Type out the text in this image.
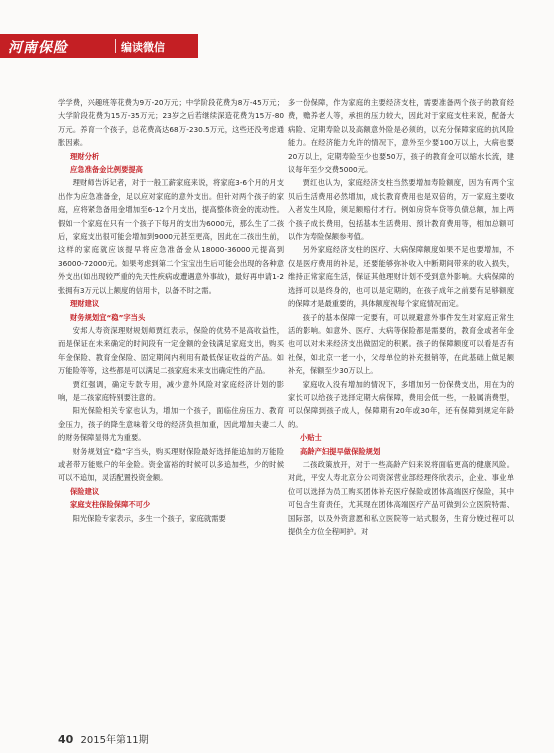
河南保险	编读微信

学学费，兴趣班等花费为9万-20万元；中学阶段花费为8万-45万元；大学阶段花费为15万-35万元；23岁之后若继续深造花费为15万-80万元。养育一个孩子，总花费高达68万-230.5万元，这些还没考虑通胀因素。

理财分析

应急准备金比例要提高

理财师告诉记者，对于一般工薪家庭来说，将家庭3-6个月的月支出作为应急准备金，足以应对家庭的意外支出。但针对两个孩子的家庭，应将紧急备用金增加至6-12个月支出，提高整体资金的流动性。假如一个家庭在只有一个孩子下每月的支出为6000元，那么生了二孩后，家庭支出很可能会增加到9000元甚至更高，因此在二孩出生前，这样的家庭就应该提早将应急准备金从18000-36000元提高到36000-72000元。如果考虑到第二个宝宝出生后可能会出现的各种意外支出(如出现较严重的先天性疾病或遭遇意外事故)，最好再申请1-2张拥有3万元以上额度的信用卡，以备不时之需。

理财建议

财务规划宜“稳”字当头

安邦人寿资深理财规划师贾红表示，保险的优势不是高收益性，而是保证在未来确定的时间段有一定金额的金钱满足家庭支出，购买年金保险、教育金保险、固定期间内利用有最低保证收益的产品。如万能险等等，这些都是可以满足二孩家庭未来支出确定性的产品。

贾红强调，确定专款专用，减少意外风险对家庭经济计划的影响，是二孩家庭特别要注意的。

阳光保险相关专家也认为，增加一个孩子，面临住房压力、教育金压力，孩子的降生意味着父母的经济负担加重，因此增加夫妻二人的财务保障显得尤为重要。

财务规划宜“稳”字当头，购买理财保险最好选择能追加的万能险或者带万能账户的年金险。资金富裕的时候可以多追加些，少的时候可以不追加，灵活配置投资金额。

保险建议

家庭支柱保险保障不可少

阳光保险专家表示，多生一个孩子，家庭就需要

多一份保障，作为家庭的主要经济支柱，需要准备两个孩子的教育经费，赡养老人等，承担的压力较大，因此对于家庭支柱来说，配备大病险、定期寿险以及高额意外险是必须的，以充分保障家庭的抗风险能力。在经济能力允许的情况下，意外至少要100万以上，大病也要20万以上，定期寿险至少也要50万，孩子的教育金可以缩水长流，建议每年至少交费5000元。

贾红也认为，家庭经济支柱当然要增加寿险额度，因为有两个宝贝后生活费用必然增加，成长教育费用也是双倍的，万一家庭主要收入者发生风险，须足额赔付才行。例如房贷车贷等负债总额，加上两个孩子成长费用，包括基本生活费用、预计教育费用等，相加总额可以作为寿险保额参考值。

另外家庭经济支柱的医疗、大病保障额度如果不足也要增加，不仅是医疗费用的补足，还要能够弥补收入中断期间带来的收入损失，维持正常家庭生活，保证其他理财计划不受到意外影响。大病保障的选择可以是终身的，也可以是定期的，在孩子成年之前要有足够额度的保障才是最重要的，具体额度视每个家庭情况而定。

孩子的基本保障一定要有，可以规避意外事件发生对家庭正常生活的影响。如意外、医疗、大病等保险都是需要的，教育金或者年金也可以对未来经济支出做固定的积累。孩子的保障额度可以看是否有社保，如北京一老一小，父母单位的补充报销等，在此基础上做足额补充，保额至少30万以上。

家庭收入没有增加的情况下，多增加另一份保费支出，用在为的家长可以给孩子选择定期大病保障，费用会低一些，一般属消费型，可以保障到孩子成人，保障期有20年或30年，还有保障到规定年龄的。

小贴士

高龄产妇提早做保险规划

二孩政策放开，对于一些高龄产妇来说将面临更高的健康风险。对此，平安人寿北京分公司资深营业部经理佟欣表示，企业、事业单位可以选择为员工购买团体补充医疗保险或团体高端医疗保险，其中可包含生育责任，尤其现在团体高端医疗产品可做到公立医院特需、国际部，以及外资意愿和私立医院等一站式服务，生育分娩过程可以提供全方位全程呵护。对

40 2015年第11期
